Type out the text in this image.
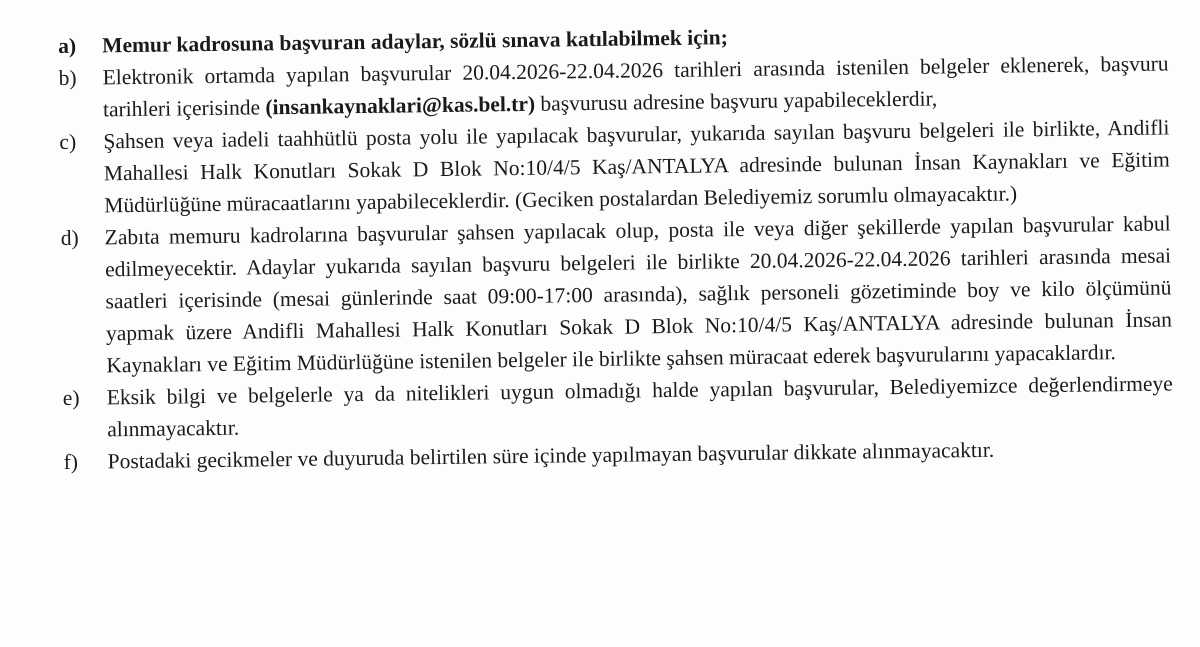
a)	Memur kadrosuna başvuran adaylar, sözlü sınava katılabilmek için;
b)	Elektronik ortamda yapılan başvurular 20.04.2026-22.04.2026 tarihleri arasında istenilen belgeler eklenerek, başvuru tarihleri içerisinde (insankaynaklari@kas.bel.tr) başvurusu adresine başvuru yapabileceklerdir,
c)	Şahsen veya iadeli taahhütlü posta yolu ile yapılacak başvurular, yukarıda sayılan başvuru belgeleri ile birlikte, Andifli Mahallesi Halk Konutları Sokak D Blok No:10/4/5 Kaş/ANTALYA adresinde bulunan İnsan Kaynakları ve Eğitim Müdürlüğüne müracaatlarını yapabileceklerdir. (Geciken postalardan Belediyemiz sorumlu olmayacaktır.)
d)	Zabıta memuru kadrolarına başvurular şahsen yapılacak olup, posta ile veya diğer şekillerde yapılan başvurular kabul edilmeyecektir. Adaylar yukarıda sayılan başvuru belgeleri ile birlikte 20.04.2026-22.04.2026 tarihleri arasında mesai saatleri içerisinde (mesai günlerinde saat 09:00-17:00 arasında), sağlık personeli gözetiminde boy ve kilo ölçümünü yapmak üzere Andifli Mahallesi Halk Konutları Sokak D Blok No:10/4/5 Kaş/ANTALYA adresinde bulunan İnsan Kaynakları ve Eğitim Müdürlüğüne istenilen belgeler ile birlikte şahsen müracaat ederek başvurularını yapacaklardır.
e)	Eksik bilgi ve belgelerle ya da nitelikleri uygun olmadığı halde yapılan başvurular, Belediyemizce değerlendirmeye alınmayacaktır.
f)	Postadaki gecikmeler ve duyuruda belirtilen süre içinde yapılmayan başvurular dikkate alınmayacaktır.
